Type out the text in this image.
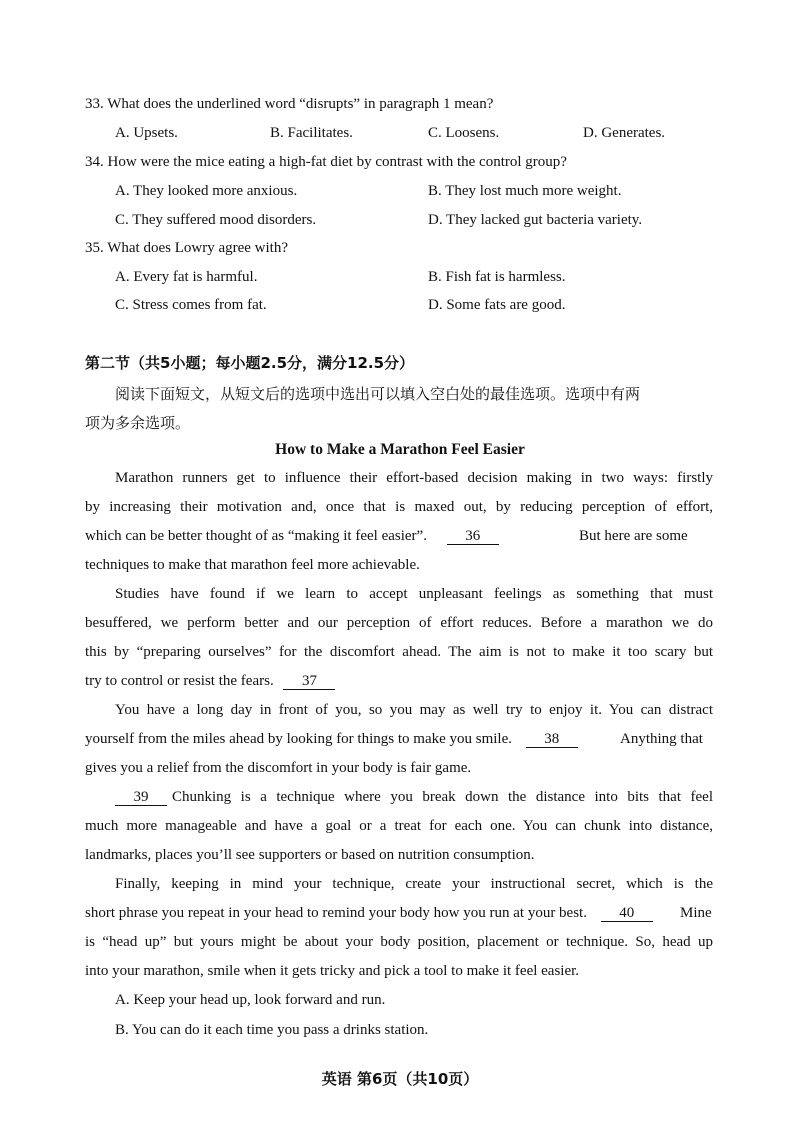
33. What does the underlined word “disrupts” in paragraph 1 mean?
A. Upsets.	B. Facilitates.	C. Loosens.	D. Generates.
34. How were the mice eating a high-fat diet by contrast with the control group?
A. They looked more anxious.	B. They lost much more weight.
C. They suffered mood disorders.	D. They lacked gut bacteria variety.
35. What does Lowry agree with?
A. Every fat is harmful.	B. Fish fat is harmless.
C. Stress comes from fat.	D. Some fats are good.
第二节（共5小题；每小题2.5分，满分12.5分）
阅读下面短文，从短文后的选项中选出可以填入空白处的最佳选项。选项中有两
项为多余选项。
How to Make a Marathon Feel Easier
Marathon runners get to influence their effort-based decision making in two ways: firstly
by increasing their motivation and, once that is maxed out, by reducing perception of effort,
which can be better thought of as “making it feel easier”.	36	But here are some
techniques to make that marathon feel more achievable.
Studies have found if we learn to accept unpleasant feelings as something that must
besuffered, we perform better and our perception of effort reduces. Before a marathon we do
this by “preparing ourselves” for the discomfort ahead. The aim is not to make it too scary but
try to control or resist the fears. 37
You have a long day in front of you, so you may as well try to enjoy it. You can distract
yourself from the miles ahead by looking for things to make you smile. 38	Anything that
gives you a relief from the discomfort in your body is fair game.
39	Chunking is a technique where you break down the distance into bits that feel
much more manageable and have a goal or a treat for each one. You can chunk into distance,
landmarks, places you’ll see supporters or based on nutrition consumption.
Finally, keeping in mind your technique, create your instructional secret, which is the
short phrase you repeat in your head to remind your body how you run at your best. 40	Mine
is “head up” but yours might be about your body position, placement or technique. So, head up
into your marathon, smile when it gets tricky and pick a tool to make it feel easier.
A. Keep your head up, look forward and run.
B. You can do it each time you pass a drinks station.
英语 第6页（共10页）
